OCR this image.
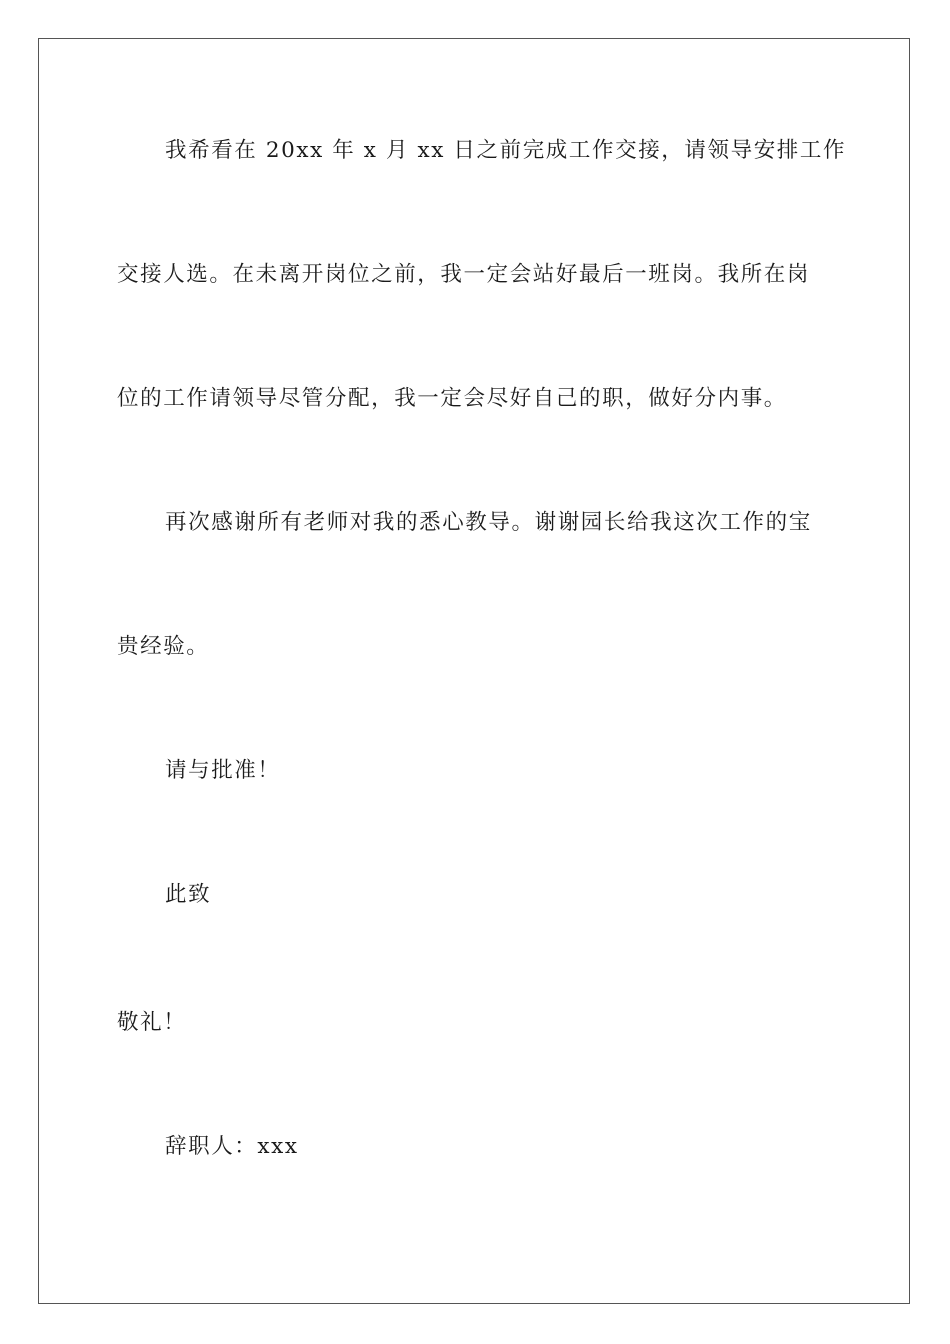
我希看在 20xx 年 x 月 xx 日之前完成工作交接，请领导安排工作
交接人选。在未离开岗位之前，我一定会站好最后一班岗。我所在岗
位的工作请领导尽管分配，我一定会尽好自己的职，做好分内事。
再次感谢所有老师对我的悉心教导。谢谢园长给我这次工作的宝
贵经验。
请与批准！
此致
敬礼！
辞职人：xxx
